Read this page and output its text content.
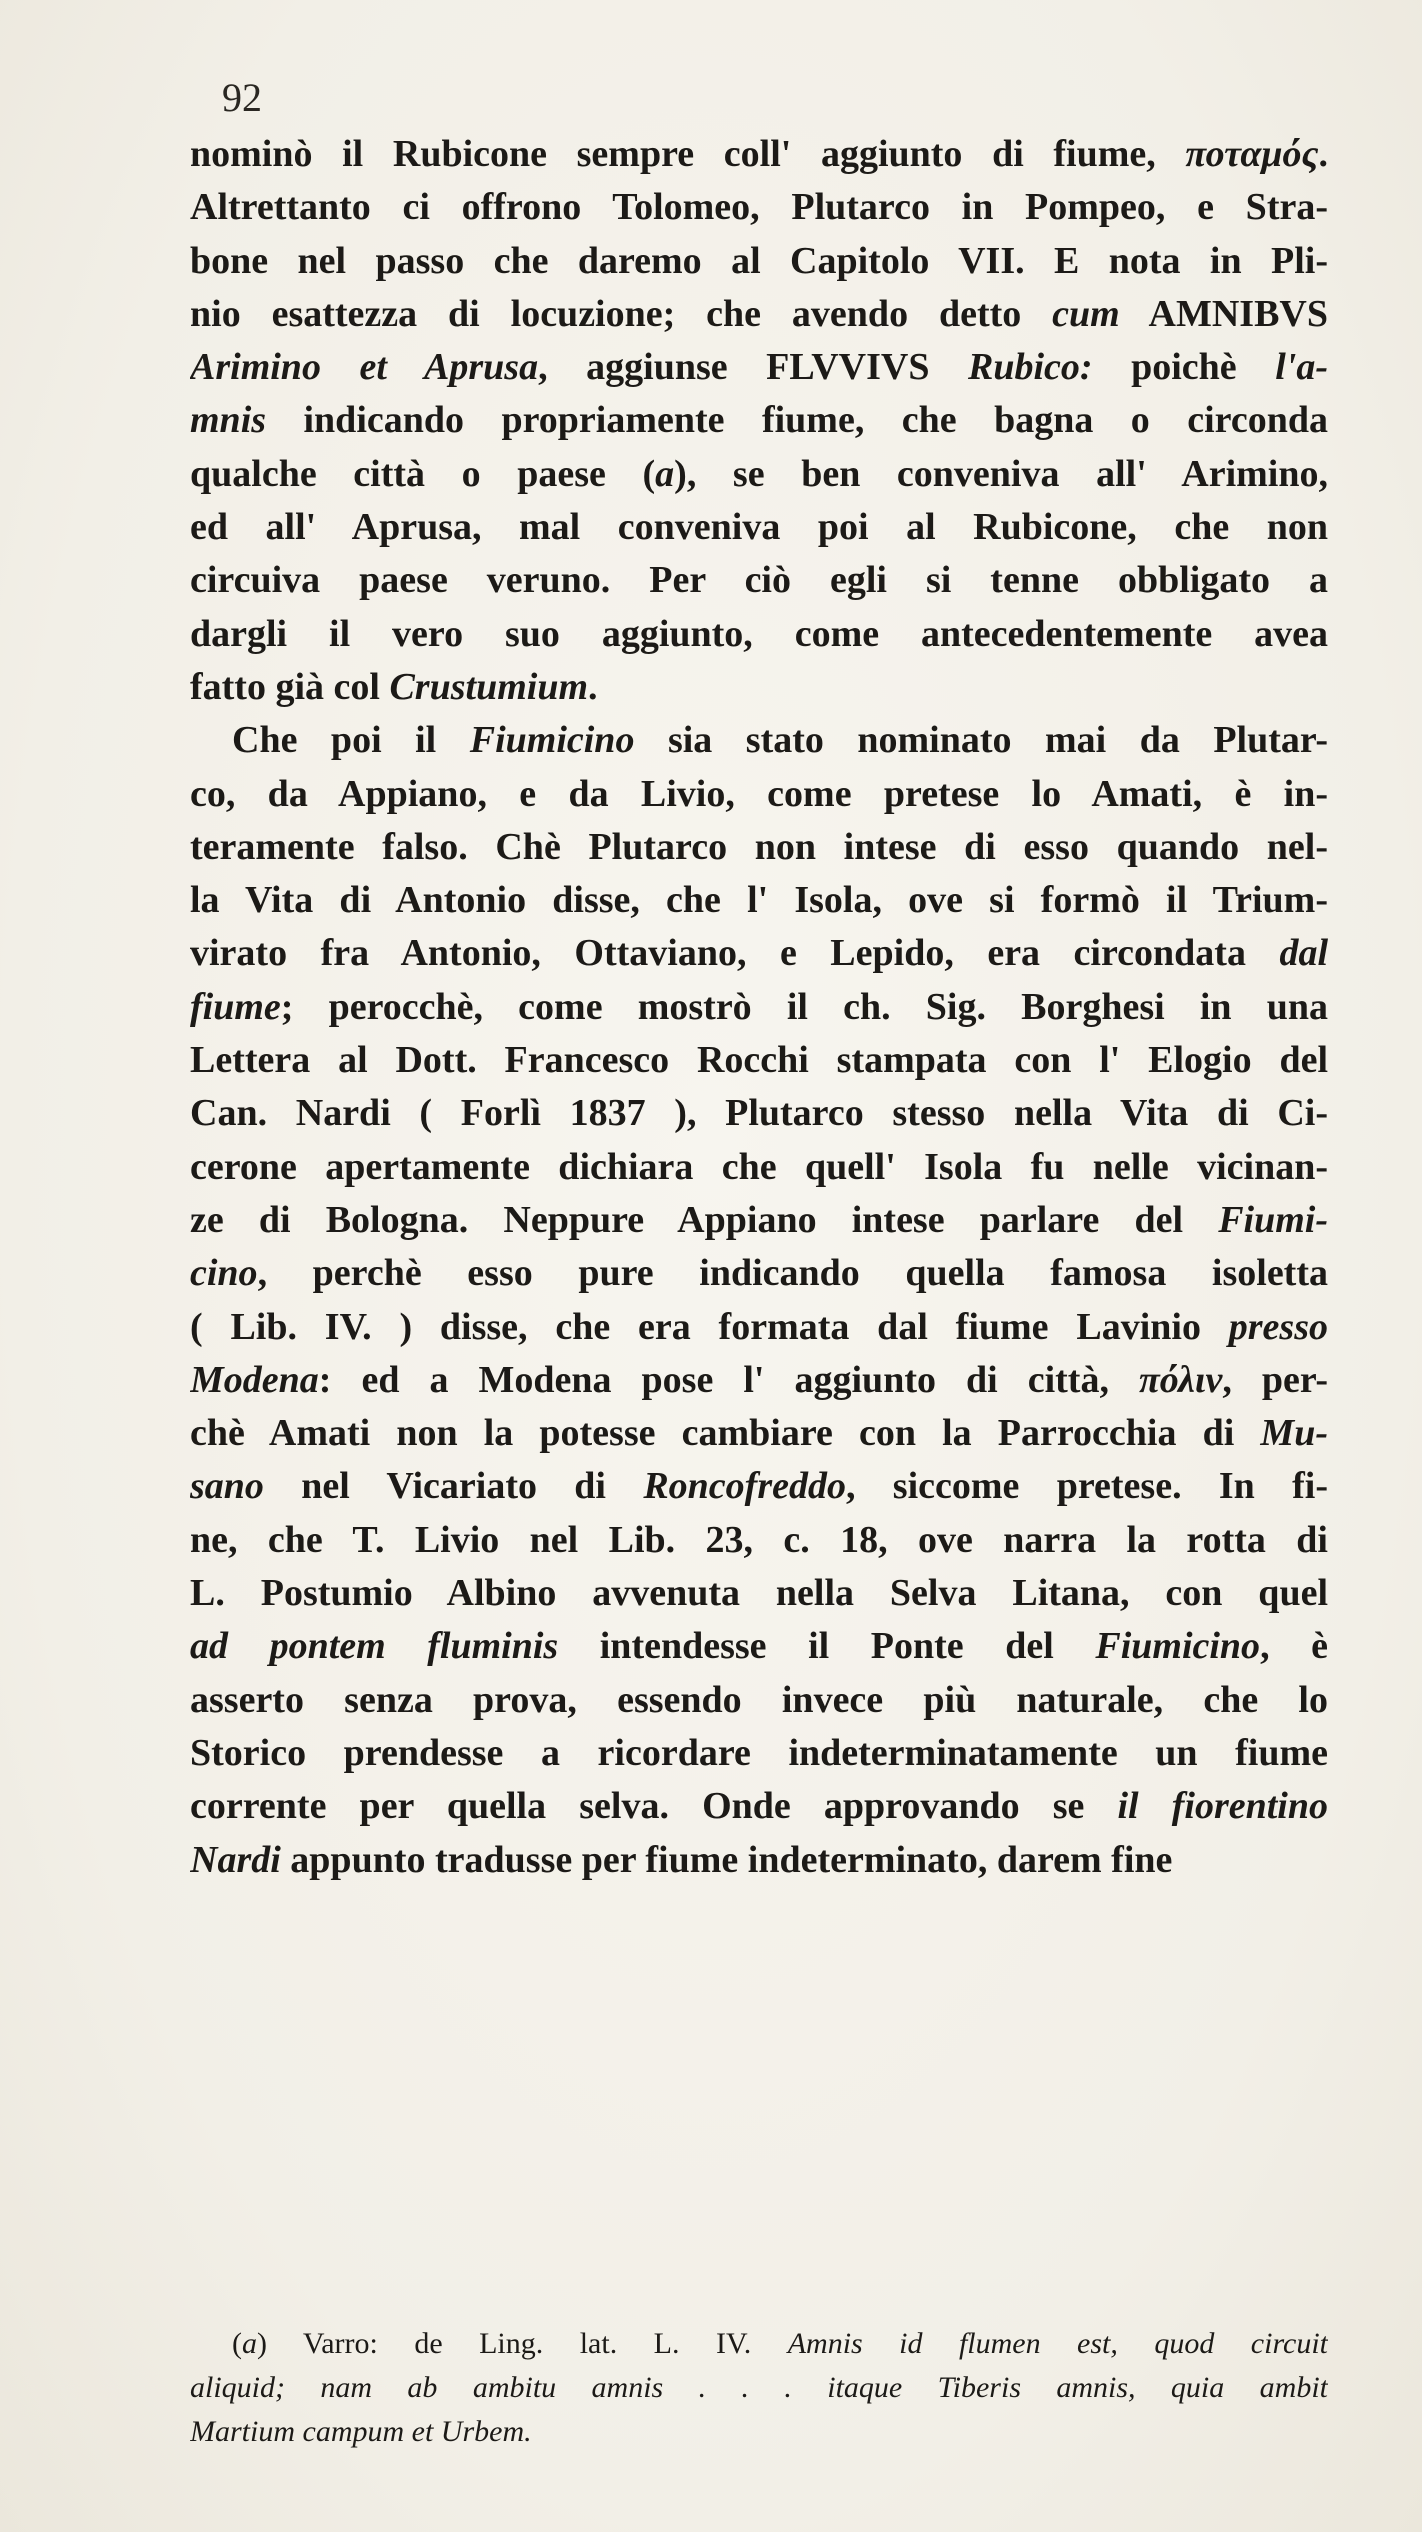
92
nominò il Rubicone sempre coll' aggiunto di fiume, ποταμός.
Altrettanto ci offrono Tolomeo, Plutarco in Pompeo, e Stra-
bone nel passo che daremo al Capitolo VII. E nota in Pli-
nio esattezza di locuzione; che avendo detto cum AMNIBVS
Arimino et Aprusa, aggiunse FLVVIVS Rubico: poichè l'a-
mnis indicando propriamente fiume, che bagna o circonda
qualche città o paese (a), se ben conveniva all' Arimino,
ed all' Aprusa, mal conveniva poi al Rubicone, che non
circuiva paese veruno. Per ciò egli si tenne obbligato a
dargli il vero suo aggiunto, come antecedentemente avea
fatto già col Crustumium.
Che poi il Fiumicino sia stato nominato mai da Plutar-
co, da Appiano, e da Livio, come pretese lo Amati, è in-
teramente falso. Chè Plutarco non intese di esso quando nel-
la Vita di Antonio disse, che l' Isola, ove si formò il Trium-
virato fra Antonio, Ottaviano, e Lepido, era circondata dal
fiume; perocchè, come mostrò il ch. Sig. Borghesi in una
Lettera al Dott. Francesco Rocchi stampata con l' Elogio del
Can. Nardi ( Forlì 1837 ), Plutarco stesso nella Vita di Ci-
cerone apertamente dichiara che quell' Isola fu nelle vicinan-
ze di Bologna. Neppure Appiano intese parlare del Fiumi-
cino, perchè esso pure indicando quella famosa isoletta
( Lib. IV. ) disse, che era formata dal fiume Lavinio presso
Modena: ed a Modena pose l' aggiunto di città, πόλιν, per-
chè Amati non la potesse cambiare con la Parrocchia di Mu-
sano nel Vicariato di Roncofreddo, siccome pretese. In fi-
ne, che T. Livio nel Lib. 23, c. 18, ove narra la rotta di
L. Postumio Albino avvenuta nella Selva Litana, con quel
ad pontem fluminis intendesse il Ponte del Fiumicino, è
asserto senza prova, essendo invece più naturale, che lo
Storico prendesse a ricordare indeterminatamente un fiume
corrente per quella selva. Onde approvando se il fiorentino
Nardi appunto tradusse per fiume indeterminato, darem fine
(a) Varro: de Ling. lat. L. IV. Amnis id flumen est, quod circuit
aliquid; nam ab ambitu amnis . . . itaque Tiberis amnis, quia ambit
Martium campum et Urbem.
